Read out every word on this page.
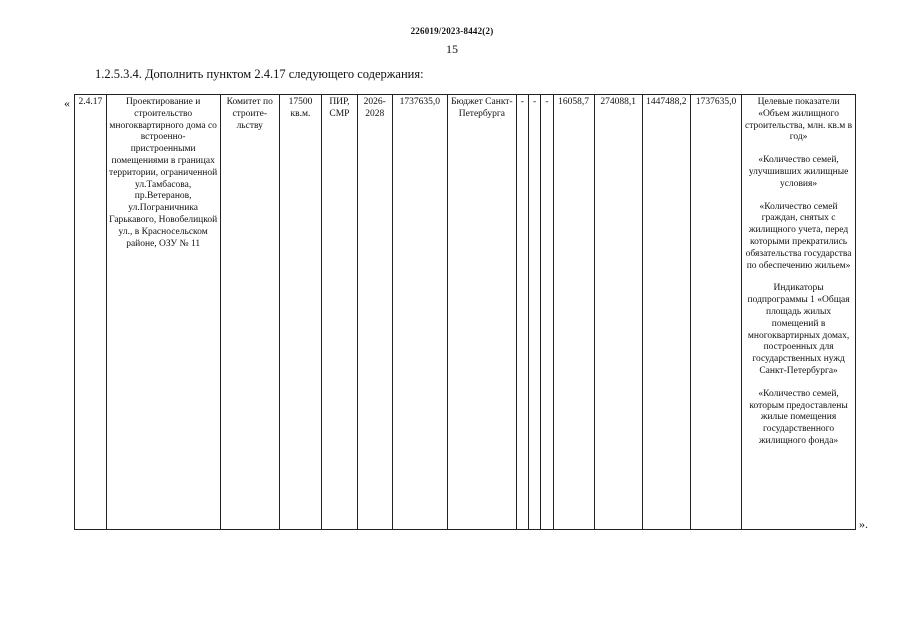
226019/2023-8442(2)
15
1.2.5.3.4. Дополнить пунктом 2.4.17 следующего содержания:
« 2.4.17	Проектирование и строительство многоквартирного дома со встроенно-пристроенными помещениями в границах территории, ограниченной ул.Тамбасова, пр.Ветеранов, ул.Пограничника Гарькавого, Новобелицкой ул., в Красносельском районе, ОЗУ № 11	Комитет по строите-льству	17500 кв.м.	ПИР, СМР	2026-2028	1737635,0	Бюджет Санкт-Петербурга	-	-	-	16058,7	274088,1	1447488,2	1737635,0	Целевые показатели «Объем жилищного строительства, млн. кв.м в год»
«Количество семей, улучшивших жилищные условия»
«Количество семей граждан, снятых с жилищного учета, перед которыми прекратились обязательства государства по обеспечению жильем»
Индикаторы подпрограммы 1 «Общая площадь жилых помещений в многоквартирных домах, построенных для государственных нужд Санкт-Петербурга»
«Количество семей, которым предоставлены жилые помещения государственного жилищного фонда»
».
